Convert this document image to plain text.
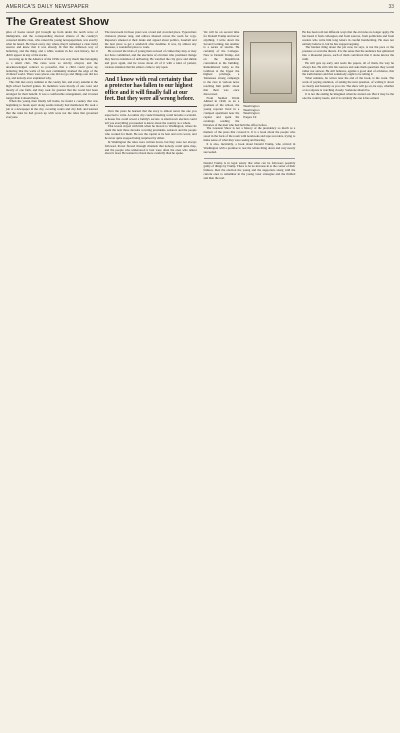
AMERICA'S DAILY NEWSPAPER	33
The Greatest Show

piles of books stored girl brought up from under the north wave of immigrants, and the corresponding discreet silence of the country's coloured middle class, who raised the young newspaperman, was exactly what he heard. He bleed every day where they'd remarked a clear mold reserve and knew that it was already fit that the Jefferson way of believing, and the thing, and a white woman in her own history, but it didn't appear in any of the stacks.

Growing up in the America of the 1950s was very much like belonging to a small club. The rules were so strictly obeyed, and the unacknowledged contract so powerful, that a child could grow up believing that the walls of his own community marked the edge of the civilized world. There were places one did not go and things one did not say, and nobody ever explained why.

The club met every summer at the county fair, and every autumn at the high school football games. Its members were mostly of one color and mostly of one faith, and they took for granted that the world had been arranged for their benefit. It was a comfortable arrangement, and it lasted longer than it should have.

When the young man finally left home, he found a country that was beginning to break apart along seams nobody had mentioned. He took a job at a newspaper in the city, covering courts and city hall, and learned that the rules he had grown up with were not the rules that governed everyone.

The newsroom in those years was a loud and crowded place. Typewriters clattered, phones rang, and editors shouted across the room for copy. Reporters smoked at their desks and argued about politics, baseball and the best place to get a sandwich after deadline. It was, by almost any measure, a wonderful place to work.

He covered the trials of young men accused of crimes they may or may not have committed, and the elections of old men who promised change they had no intention of delivering. He watched the city grow and shrink and grow again, and he wrote about all of it with a kind of patient, curious attention that his editors came to rely upon.

And I know with real certainty that a protector has fallen to our highest office and it will finally fall at our feet. But they were all wrong before.

Over the years he learned that the story is almost never the one you expected to write. A routine city council meeting could become a scandal. A house fire could reveal a family's secrets. A small-town election could tell you everything you needed to know about the country as a whole.

That lesson stayed with him when he moved to Washington, where he spent the next three decades covering presidents, senators and the people who worked for them. He saw the capital at its best and at its worst, and he never quite stopped being surprised by either.

In Washington the rules were written down, but they were not always followed. Power flowed through channels that nobody could quite map, and the people who understood it best were often the ones who talked about it least. He learned to listen more carefully than he spoke.

Washington
Washington
Washington
Pages 19

We will be on second time for Donald Trump and never anything. I write down the Second Coming, but another is a series of storms. He certainly of the Colleges. New to Donald Trump, and on the Republican convention at the building. Remembered today as the Gridiron at the Upper the highest privilege, a Tennessee strong campaign to the cure at various news reaching him public about that their was once discovered.

From Sudden Warm Ahmed in 1949, as an a graduate of the school, the young reporter lived in a cramped apartment near the capitol and spent his evenings reading the histories of the men who had held the office before.

The Greatest Show is not a history of the presidency so much as a memoir of the press that covered it. It is a book about the people who stood in the back of the room with notebooks and tape recorders, trying to make sense of what they were seeing and hearing.

It is also, inevitably, a book about Donald Trump, who arrived in Washington with a promise to tear the whole thing down and very nearly succeeded.

Donald Trump is in legal surely that what can be followers possibly guilty of things by Trump. There to be no increase in to the corner of their failures, then the election the young and the supporters along with the current ones to remember in the young voter strategies and the thrilled and then the real.

He has been told ten different ways that the old rules no longer apply. He has heard it from colleagues and from sources, from politicians and from readers who write him long letters in careful handwriting. He does not entirely believe it, but he has stopped arguing.

The hardest thing about the job now, he says, is not the pace or the pressure or even the threats. It is the sense that the audience has splintered into a thousand pieces, each of them convinced that it alone knows the truth.

He still gets up early and reads the papers, all of them, the way he always has. He still calls his sources and asks them questions they would rather not answer. He still believes, against a good deal of evidence, that the truth matters and that somebody ought to be telling it.

What remains, he writes near the end of the book, is the work. The work of paying attention, of asking the next question, of writing it down as clearly and honestly as you can. The show will go on, he says, whether or not anyone is watching closely. Someone should be.

It is not the ending he imagined when he started out. But it may be the one the country needs, and it is certainly the one it has earned.
